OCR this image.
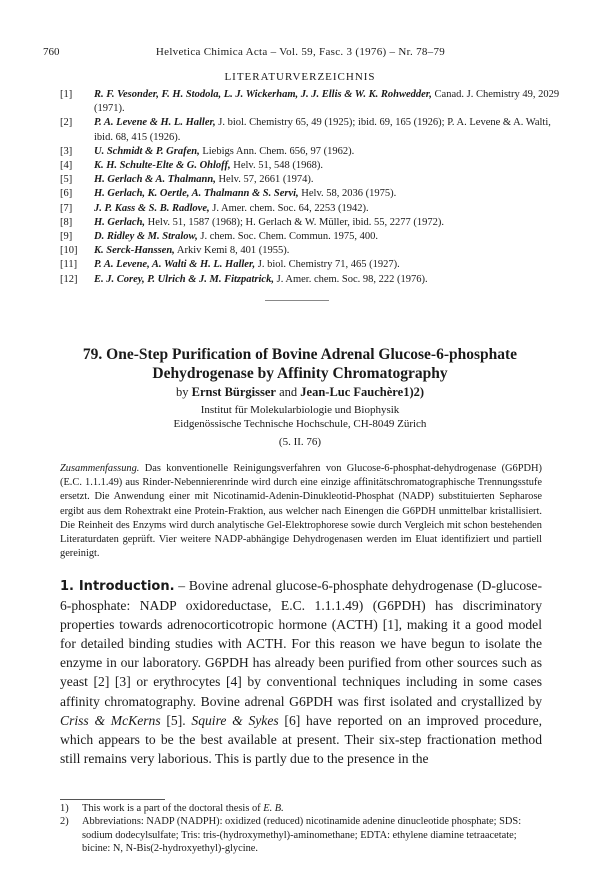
760	Helvetica Chimica Acta – Vol. 59, Fasc. 3 (1976) – Nr. 78–79
LITERATURVERZEICHNIS
[1]	R. F. Vesonder, F. H. Stodola, L. J. Wickerham, J. J. Ellis & W. K. Rohwedder, Canad. J. Chemistry 49, 2029 (1971).
[2]	P. A. Levene & H. L. Haller, J. biol. Chemistry 65, 49 (1925); ibid. 69, 165 (1926); P. A. Levene & A. Walti, ibid. 68, 415 (1926).
[3]	U. Schmidt & P. Grafen, Liebigs Ann. Chem. 656, 97 (1962).
[4]	K. H. Schulte-Elte & G. Ohloff, Helv. 51, 548 (1968).
[5]	H. Gerlach & A. Thalmann, Helv. 57, 2661 (1974).
[6]	H. Gerlach, K. Oertle, A. Thalmann & S. Servi, Helv. 58, 2036 (1975).
[7]	J. P. Kass & S. B. Radlove, J. Amer. chem. Soc. 64, 2253 (1942).
[8]	H. Gerlach, Helv. 51, 1587 (1968); H. Gerlach & W. Müller, ibid. 55, 2277 (1972).
[9]	D. Ridley & M. Stralow, J. chem. Soc. Chem. Commun. 1975, 400.
[10]	K. Serck-Hanssen, Arkiv Kemi 8, 401 (1955).
[11]	P. A. Levene, A. Walti & H. L. Haller, J. biol. Chemistry 71, 465 (1927).
[12]	E. J. Corey, P. Ulrich & J. M. Fitzpatrick, J. Amer. chem. Soc. 98, 222 (1976).
79. One-Step Purification of Bovine Adrenal Glucose-6-phosphate Dehydrogenase by Affinity Chromatography
by Ernst Bürgisser and Jean-Luc Fauchère1)2)
Institut für Molekularbiologie und Biophysik
Eidgenössische Technische Hochschule, CH-8049 Zürich
(5. II. 76)
Zusammenfassung. Das konventionelle Reinigungsverfahren von Glucose-6-phosphat-dehydrogenase (G6PDH) (E.C. 1.1.1.49) aus Rinder-Nebennierenrinde wird durch eine einzige affinitätschromatographische Trennungsstufe ersetzt. Die Anwendung einer mit Nicotinamid-Adenin-Dinukleotid-Phosphat (NADP) substituierten Sepharose ergibt aus dem Rohextrakt eine Protein-Fraktion, aus welcher nach Einengen die G6PDH unmittelbar kristallisiert. Die Reinheit des Enzyms wird durch analytische Gel-Elektrophorese sowie durch Vergleich mit schon bestehenden Literaturdaten geprüft. Vier weitere NADP-abhängige Dehydrogenasen werden im Eluat identifiziert und partiell gereinigt.
1. Introduction. – Bovine adrenal glucose-6-phosphate dehydrogenase (D-glucose-6-phosphate: NADP oxidoreductase, E.C. 1.1.1.49) (G6PDH) has discriminatory properties towards adrenocorticotropic hormone (ACTH) [1], making it a good model for detailed binding studies with ACTH. For this reason we have begun to isolate the enzyme in our laboratory. G6PDH has already been purified from other sources such as yeast [2] [3] or erythrocytes [4] by conventional techniques including in some cases affinity chromatography. Bovine adrenal G6PDH was first isolated and crystallized by Criss & McKerns [5]. Squire & Sykes [6] have reported on an improved procedure, which appears to be the best available at present. Their six-step fractionation method still remains very laborious. This is partly due to the presence in the
1) This work is a part of the doctoral thesis of E. B.
2) Abbreviations: NADP (NADPH): oxidized (reduced) nicotinamide adenine dinucleotide phosphate; SDS: sodium dodecylsulfate; Tris: tris-(hydroxymethyl)-aminomethane; EDTA: ethylene diamine tetraacetate; bicine: N, N-Bis(2-hydroxyethyl)-glycine.
